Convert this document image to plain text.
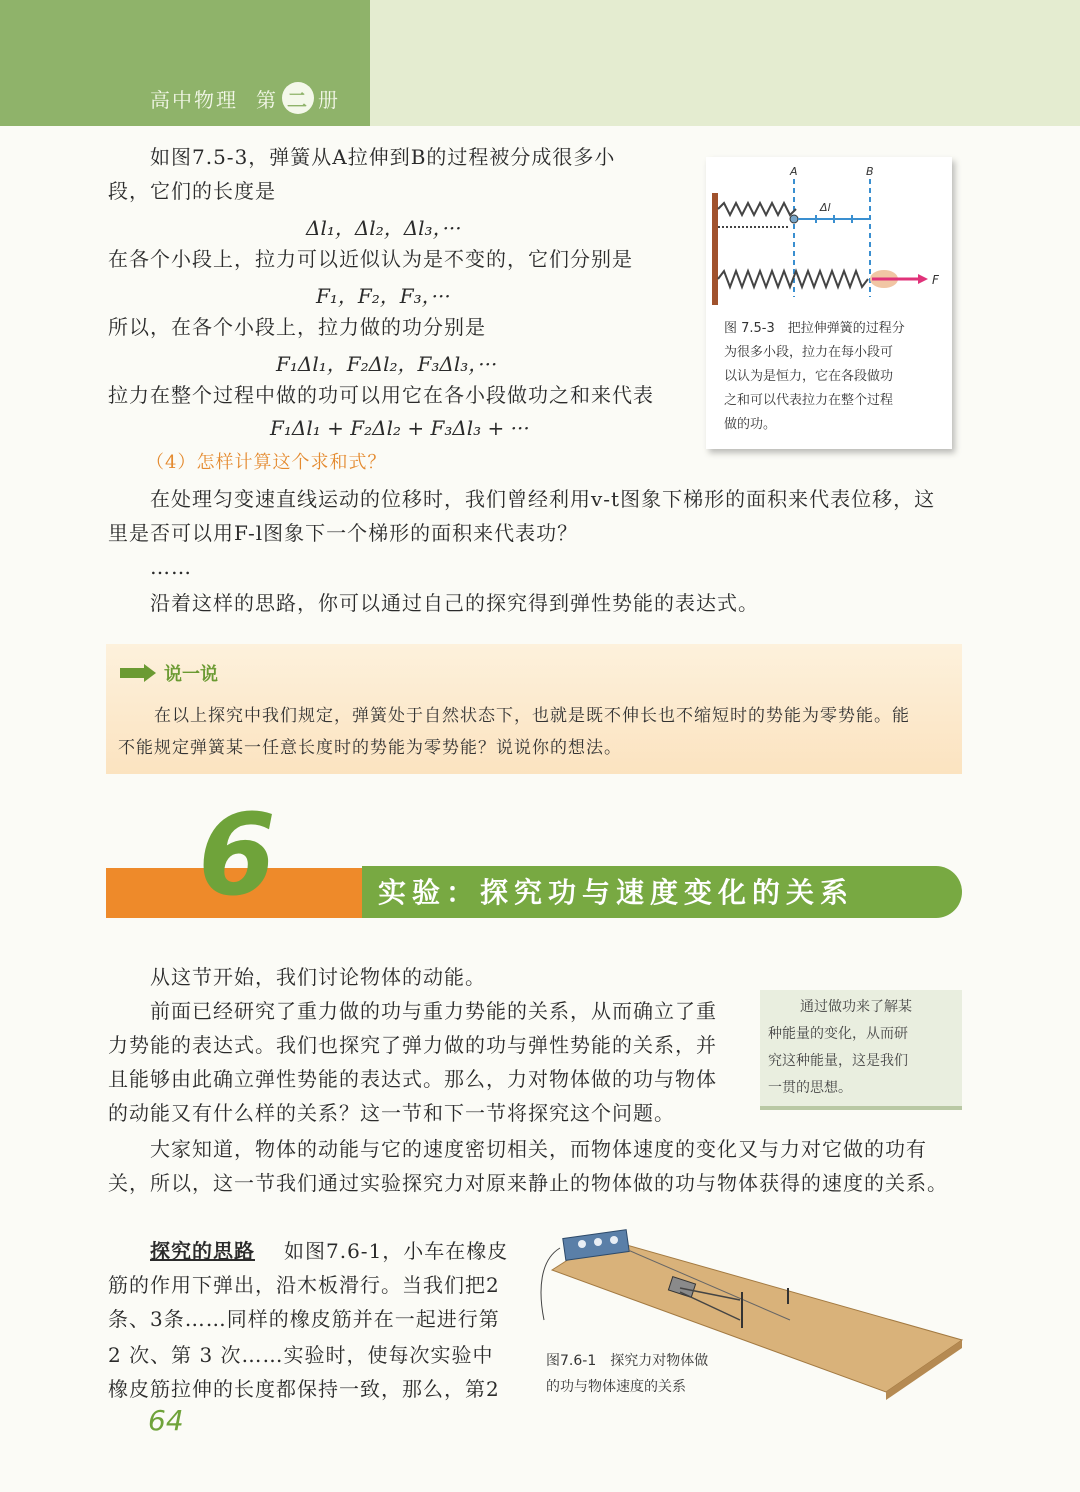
高中物理 第 二 册
如图7.5-3，弹簧从A拉伸到B的过程被分成很多小
段，它们的长度是
Δl₁，Δl₂，Δl₃，···
在各个小段上，拉力可以近似认为是不变的，它们分别是
F₁，F₂，F₃，···
所以，在各个小段上，拉力做的功分别是
F₁Δl₁，F₂Δl₂，F₃Δl₃，···
拉力在整个过程中做的功可以用它在各小段做功之和来代表
F₁Δl₁ + F₂Δl₂ + F₃Δl₃ + ···
（4）怎样计算这个求和式？
在处理匀变速直线运动的位移时，我们曾经利用v-t图象下梯形的面积来代表位移，这
里是否可以用F-l图象下一个梯形的面积来代表功？
……
沿着这样的思路，你可以通过自己的探究得到弹性势能的表达式。
A	B
Δl
F
图 7.5-3　把拉伸弹簧的过程分
为很多小段，拉力在每小段可
以认为是恒力，它在各段做功
之和可以代表拉力在整个过程
做的功。
说一说
在以上探究中我们规定，弹簧处于自然状态下，也就是既不伸长也不缩短时的势能为零势能。能
不能规定弹簧某一任意长度时的势能为零势能？说说你的想法。
6	实验：探究功与速度变化的关系
从这节开始，我们讨论物体的动能。
前面已经研究了重力做的功与重力势能的关系，从而确立了重
力势能的表达式。我们也探究了弹力做的功与弹性势能的关系，并
且能够由此确立弹性势能的表达式。那么，力对物体做的功与物体
的动能又有什么样的关系？这一节和下一节将探究这个问题。
大家知道，物体的动能与它的速度密切相关，而物体速度的变化又与力对它做的功有
关，所以，这一节我们通过实验探究力对原来静止的物体做的功与物体获得的速度的关系。
通过做功来了解某
种能量的变化，从而研
究这种能量，这是我们
一贯的思想。
探究的思路 如图7.6-1，小车在橡皮
筋的作用下弹出，沿木板滑行。当我们把2
条、3条……同样的橡皮筋并在一起进行第
2 次、第 3 次……实验时，使每次实验中
橡皮筋拉伸的长度都保持一致，那么，第2
图7.6-1　探究力对物体做
的功与物体速度的关系
64
